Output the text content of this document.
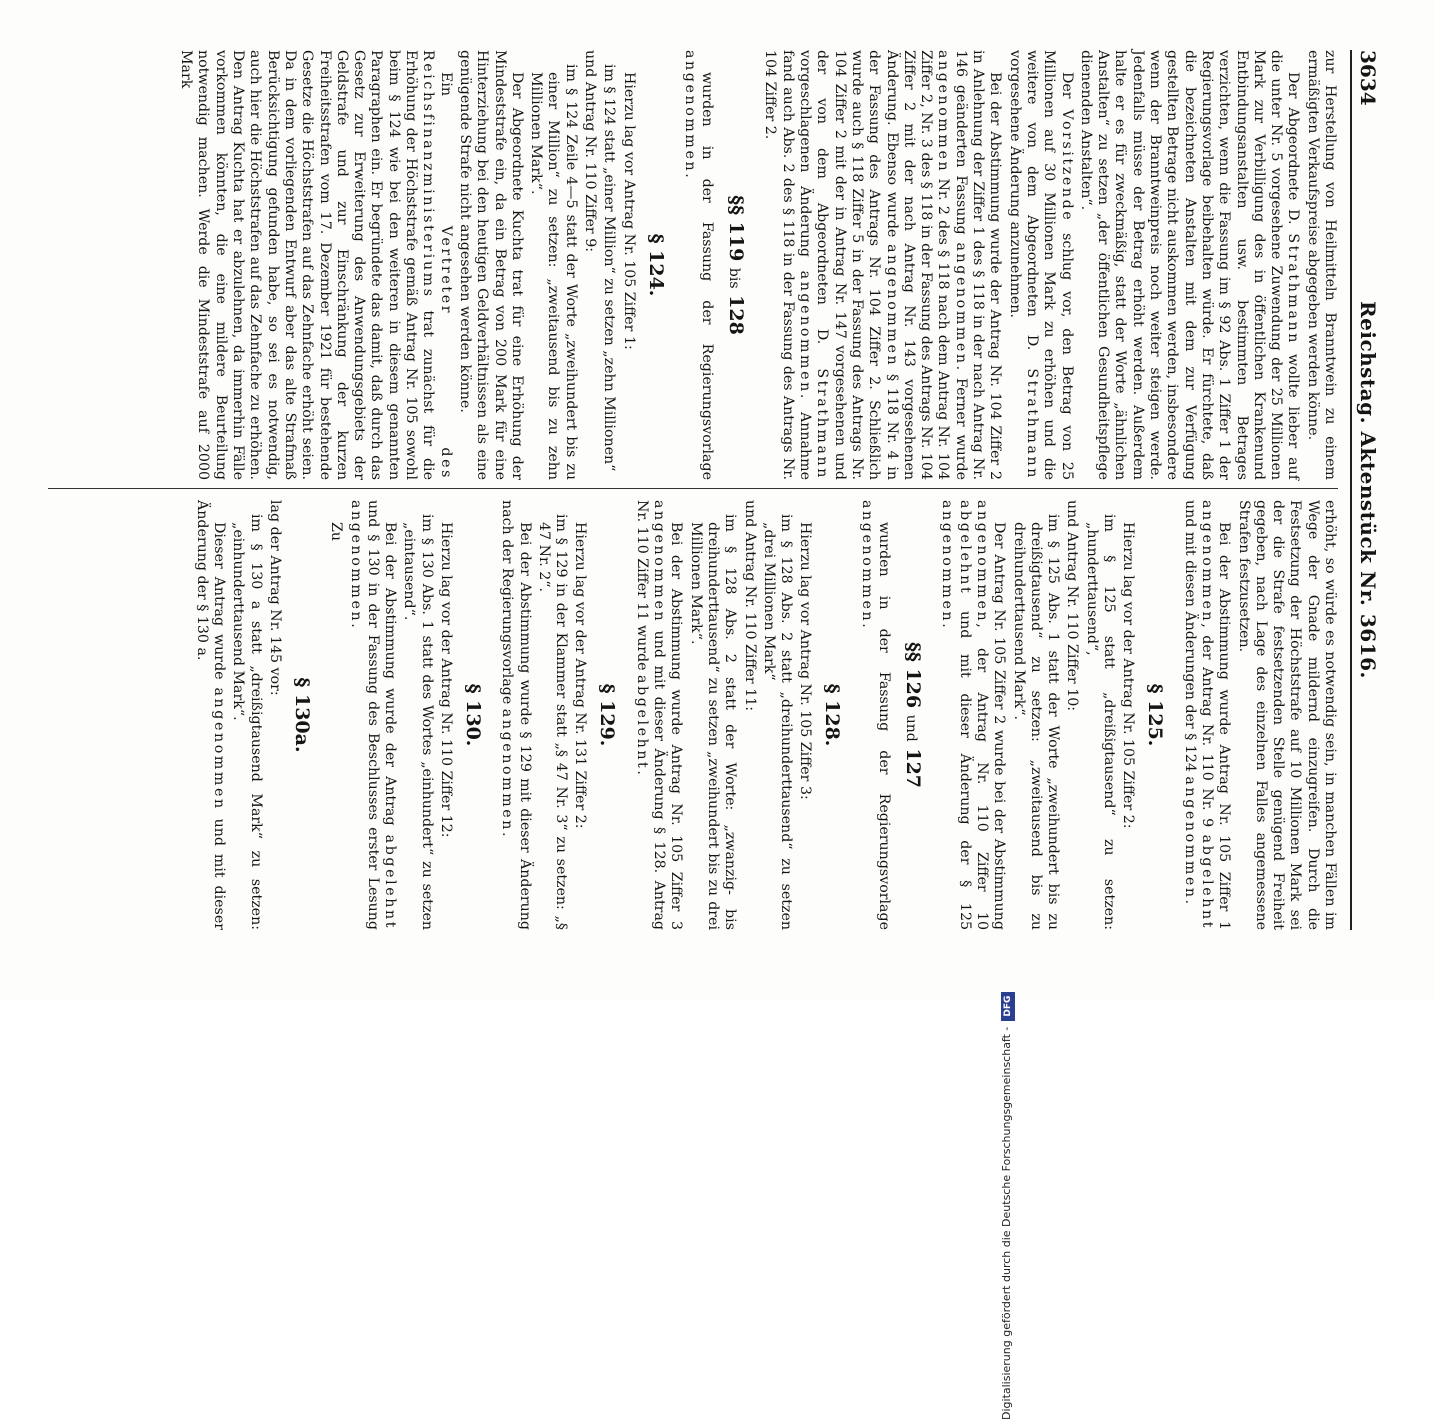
3634
Reichstag. Aktenstück Nr. 3616.

zur Herstellung von Heilmitteln Branntwein zu einem ermäßigten Verkaufspreise abgegeben werden könne.

Der Abgeordnete D. Strathmann wollte lieber auf die unter Nr. 5 vorgesehene Zuwendung der 25 Millionen Mark zur Verbilligung des in öffentlichen Krankenund Entbindungsanstalten usw. bestimmten Betrages verzichten, wenn die Fassung im § 92 Abs. 1 Ziffer 1 der Regierungsvorlage beibehalten würde. Er fürchtete, daß die bezeichneten Anstalten mit dem zur Verfügung gestellten Betrage nicht auskommen werden, insbesondere wenn der Branntweinpreis noch weiter steigen werde. Jedenfalls müsse der Betrag erhöht werden. Außerdem halte er es für zweckmäßig, statt der Worte „ähnlichen Anstalten“ zu setzen „der öffentlichen Gesundheitspflege dienenden Anstalten“.

Der Vorsitzende schlug vor, den Betrag von 25 Millionen auf 30 Millionen Mark zu erhöhen und die weitere von dem Abgeordneten D. Strathmann vorgesehene Änderung anzunehmen.

Bei der Abstimmung wurde der Antrag Nr. 104 Ziffer 2 in Anlehnung der Ziffer 1 des § 118 in der nach Antrag Nr. 146 geänderten Fassung angenommen. Ferner wurde angenommen Nr. 2 des § 118 nach dem Antrag Nr. 104 Ziffer 2, Nr. 3 des § 118 in der Fassung des Antrags Nr. 104 Ziffer 2 mit der nach Antrag Nr. 143 vorgesehenen Änderung. Ebenso wurde angenommen § 118 Nr. 4 in der Fassung des Antrags Nr. 104 Ziffer 2. Schließlich wurde auch § 118 Ziffer 5 in der Fassung des Antrags Nr. 104 Ziffer 2 mit der in Antrag Nr. 147 vorgesehenen und der von dem Abgeordneten D. Strathmann vorgeschlagenen Änderung angenommen. Annahme fand auch Abs. 2 des § 118 in der Fassung des Antrags Nr. 104 Ziffer 2.

§§ 119 bis 128

wurden in der Fassung der Regierungsvorlage angenommen.

§ 124.

Hierzu lag vor Antrag Nr. 105 Ziffer 1:

im § 124 statt „einer Million“ zu setzen „zehn Millionen“

und Antrag Nr. 110 Ziffer 9:

im § 124 Zeile 4—5 statt der Worte „zweihundert bis zu einer Million“ zu setzen: „zweitausend bis zu zehn Millionen Mark“.

Der Abgeordnete Kuchta trat für eine Erhöhung der Mindeststrafe ein, da ein Betrag von 200 Mark für eine Hinterziehung bei den heutigen Geldverhältnissen als eine genügende Strafe nicht angesehen werden könne.

Ein Vertreter des Reichsfinanzministeriums trat zunächst für die Erhöhung der Höchststrafe gemäß Antrag Nr. 105 sowohl beim § 124 wie bei den weiteren in diesem genannten Paragraphen ein. Er begründete das damit, daß durch das Gesetz zur Erweiterung des Anwendungsgebiets der Geldstrafe und zur Einschränkung der kurzen Freiheitsstrafen vom 17. Dezember 1921 für bestehende Gesetze die Höchststrafen auf das Zehnfache erhöht seien. Da in dem vorliegenden Entwurf aber das alte Strafmaß Berücksichtigung gefunden habe, so sei es notwendig, auch hier die Höchststrafen auf das Zehnfache zu erhöhen. Den Antrag Kuchta hat er abzulehnen, da immerhin Fälle vorkommen könnten, die eine mildere Beurteilung notwendig machen. Werde die Mindeststrafe auf 2000 Mark

erhöht, so würde es notwendig sein, in manchen Fällen im Wege der Gnade mildernd einzugreifen. Durch die Festsetzung der Höchststrafe auf 10 Millionen Mark sei der die Strafe festsetzenden Stelle genügend Freiheit gegeben, nach Lage des einzelnen Falles angemessene Strafen festzusetzen.

Bei der Abstimmung wurde Antrag Nr. 105 Ziffer 1 angenommen, der Antrag Nr. 110 Nr. 9 abgelehnt und mit diesen Änderungen der § 124 angenommen.

§ 125.

Hierzu lag vor der Antrag Nr. 105 Ziffer 2:

im § 125 statt „dreißigtausend“ zu setzen: „hunderttausend“,

und Antrag Nr. 110 Ziffer 10:

im § 125 Abs. 1 statt der Worte „zweihundert bis zu dreißigtausend“ zu setzen: „zweitausend bis zu dreihunderttausend Mark“.

Der Antrag Nr. 105 Ziffer 2 wurde bei der Abstimmung angenommen, der Antrag Nr. 110 Ziffer 10 abgelehnt und mit dieser Änderung der § 125 angenommen.

§§ 126 und 127

wurden in der Fassung der Regierungsvorlage angenommen.

§ 128.

Hierzu lag vor Antrag Nr. 105 Ziffer 3:

im § 128 Abs. 2 statt „dreihunderttausend“ zu setzen „drei Millionen Mark“

und Antrag Nr. 110 Ziffer 11:

im § 128 Abs. 2 statt der Worte: „zwanzig- bis dreihunderttausend“ zu setzen „zweihundert bis zu drei Millionen Mark“.

Bei der Abstimmung wurde Antrag Nr. 105 Ziffer 3 angenommen und mit dieser Änderung § 128. Antrag Nr. 110 Ziffer 11 wurde abgelehnt.

§ 129.

Hierzu lag vor der Antrag Nr. 131 Ziffer 2:

im § 129 in der Klammer statt „§ 47 Nr. 3“ zu setzen: „§ 47 Nr. 2“.

Bei der Abstimmung wurde § 129 mit dieser Änderung nach der Regierungsvorlage angenommen.

§ 130.

Hierzu lag vor der Antrag Nr. 110 Ziffer 12:

im § 130 Abs. 1 statt des Wortes „einhundert“ zu setzen „eintausend“.

Bei der Abstimmung wurde der Antrag abgelehnt und § 130 in der Fassung des Beschlusses erster Lesung angenommen.

Zu

§ 130a.

lag der Antrag Nr. 145 vor:

im § 130 a statt „dreißigtausend Mark“ zu setzen: „einhunderttausend Mark“.

Dieser Antrag wurde angenommen und mit dieser Änderung der § 130 a.

Digitalisierung gefördert durch die Deutsche Forschungsgemeinschaft -DFG
